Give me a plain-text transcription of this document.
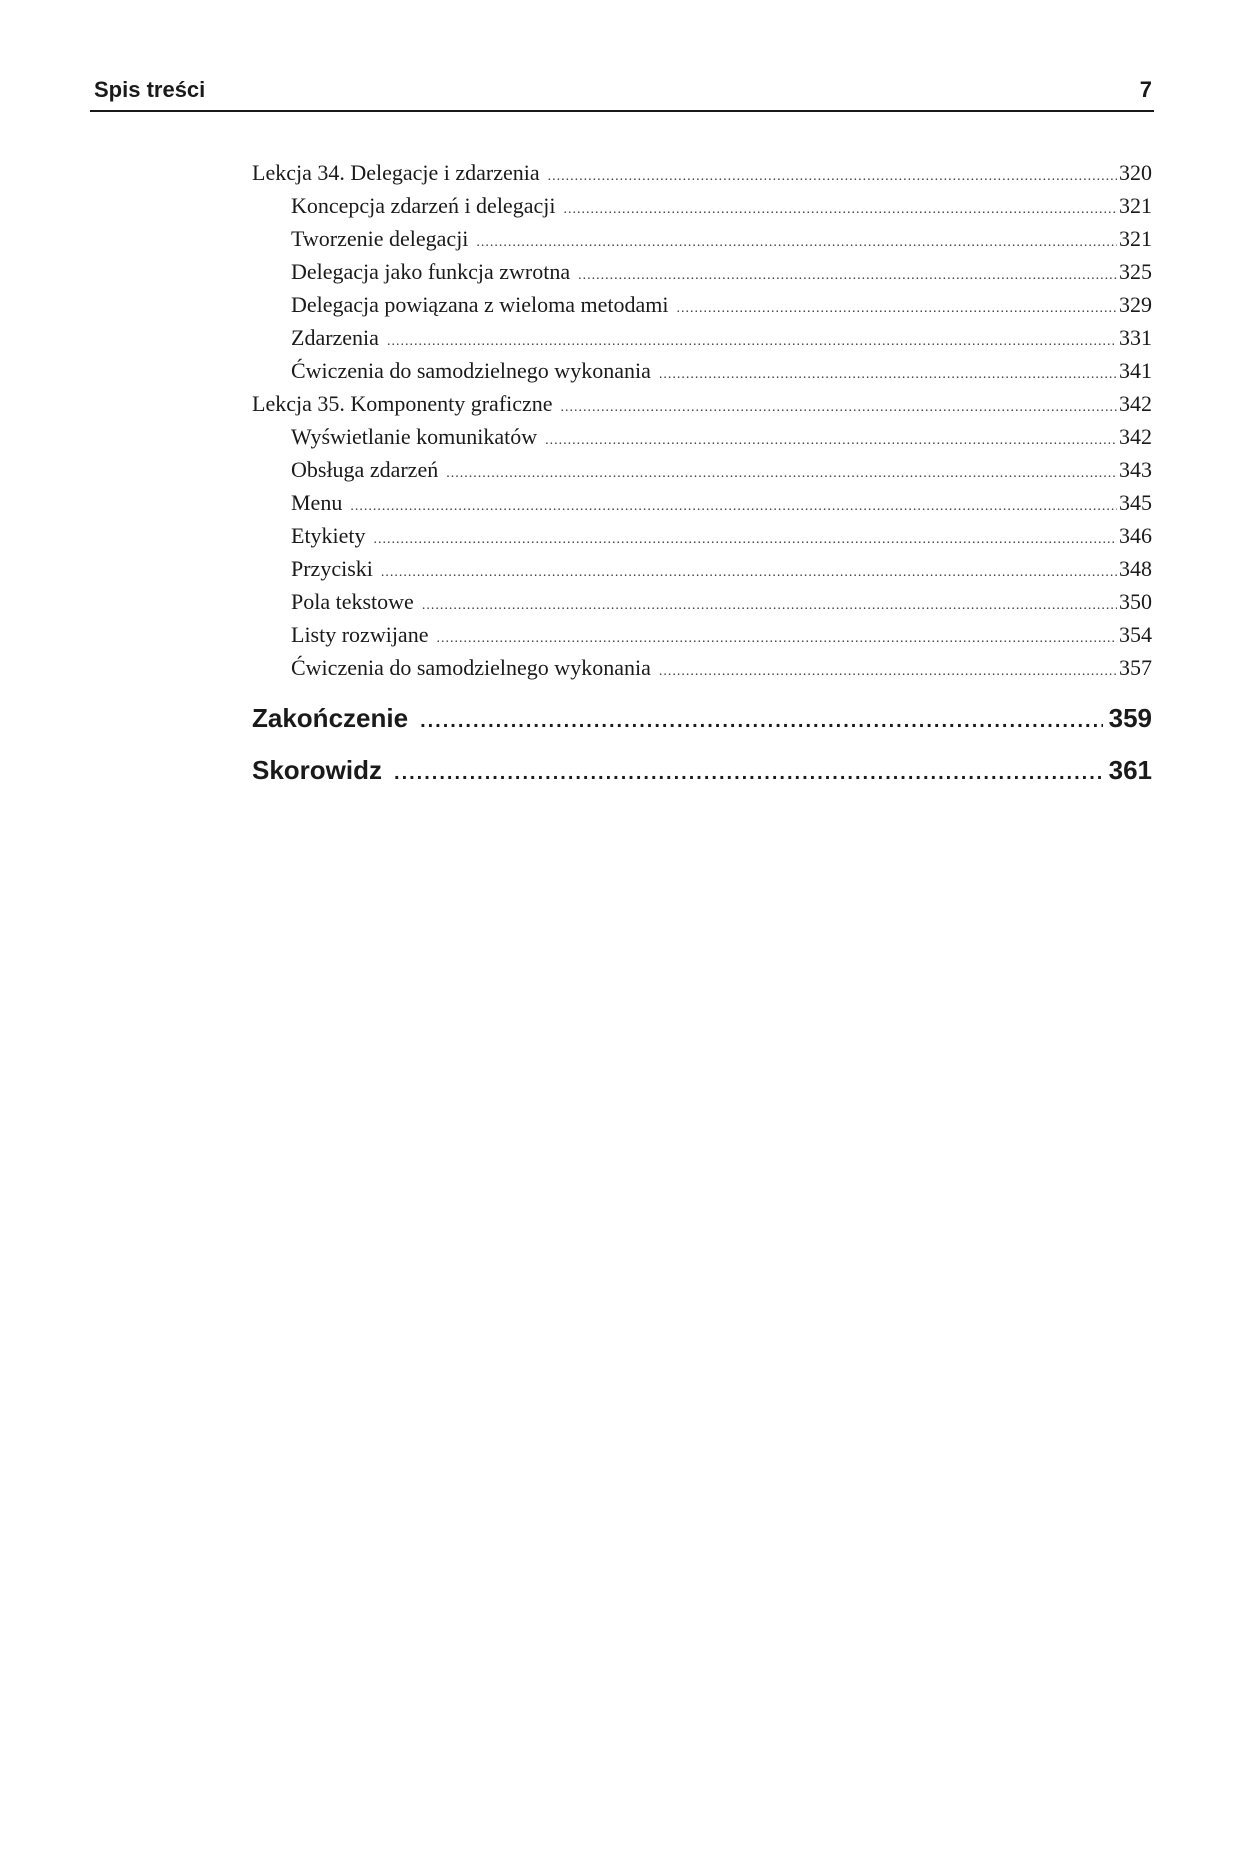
Spis treści	7
Lekcja 34. Delegacje i zdarzenia .....	320
Koncepcja zdarzeń i delegacji .....	321
Tworzenie delegacji .....	321
Delegacja jako funkcja zwrotna .....	325
Delegacja powiązana z wieloma metodami .....	329
Zdarzenia .....	331
Ćwiczenia do samodzielnego wykonania .....	341
Lekcja 35. Komponenty graficzne .....	342
Wyświetlanie komunikatów .....	342
Obsługa zdarzeń .....	343
Menu .....	345
Etykiety .....	346
Przyciski .....	348
Pola tekstowe .....	350
Listy rozwijane .....	354
Ćwiczenia do samodzielnego wykonania .....	357
Zakończenie .....	359
Skorowidz .....	361
